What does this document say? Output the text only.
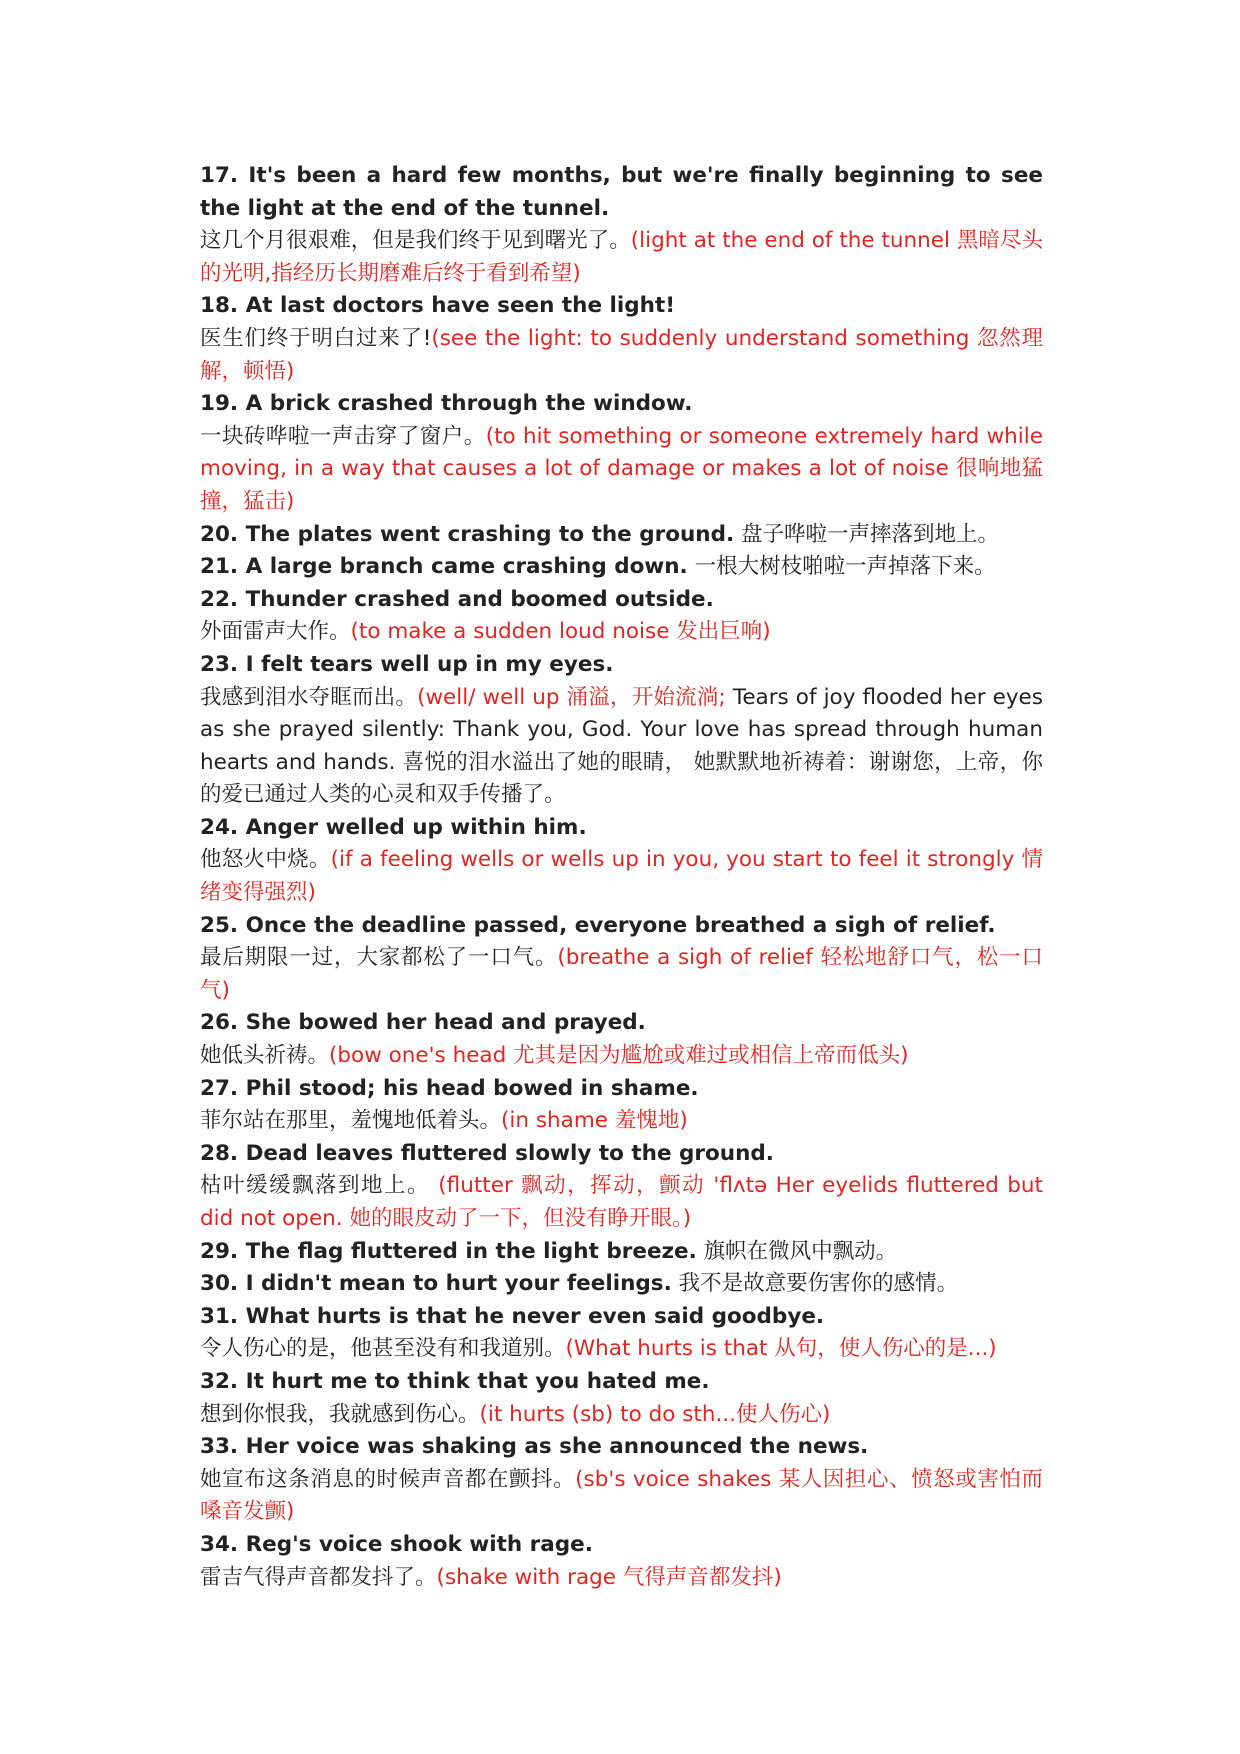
17. It's been a hard few months, but we're finally beginning to see the light at the end of the tunnel.

这几个月很艰难，但是我们终于见到曙光了。(light at the end of the tunnel 黑暗尽头的光明,指经历长期磨难后终于看到希望)

18. At last doctors have seen the light!

医生们终于明白过来了!(see the light: to suddenly understand something 忽然理解，顿悟)

19. A brick crashed through the window.

一块砖哗啦一声击穿了窗户。(to hit something or someone extremely hard while moving, in a way that causes a lot of damage or makes a lot of noise 很响地猛撞，猛击)

20. The plates went crashing to the ground. 盘子哗啦一声摔落到地上。

21. A large branch came crashing down. 一根大树枝啪啦一声掉落下来。

22. Thunder crashed and boomed outside.

外面雷声大作。(to make a sudden loud noise 发出巨响)

23. I felt tears well up in my eyes.

我感到泪水夺眶而出。(well/ well up 涌溢，开始流淌; Tears of joy flooded her eyes as she prayed silently: Thank you, God. Your love has spread through human hearts and hands. 喜悦的泪水溢出了她的眼睛， 她默默地祈祷着：谢谢您，上帝，你的爱已通过人类的心灵和双手传播了。

24. Anger welled up within him.

他怒火中烧。(if a feeling wells or wells up in you, you start to feel it strongly 情绪变得强烈)

25. Once the deadline passed, everyone breathed a sigh of relief.

最后期限一过，大家都松了一口气。(breathe a sigh of relief 轻松地舒口气，松一口气)

26. She bowed her head and prayed.

她低头祈祷。(bow one's head 尤其是因为尴尬或难过或相信上帝而低头)

27. Phil stood; his head bowed in shame.

菲尔站在那里，羞愧地低着头。(in shame 羞愧地)

28. Dead leaves fluttered slowly to the ground.

枯叶缓缓飘落到地上。 (flutter 飘动，挥动，颤动 'flʌtə Her eyelids fluttered but did not open. 她的眼皮动了一下，但没有睁开眼。)

29. The flag fluttered in the light breeze. 旗帜在微风中飘动。

30. I didn't mean to hurt your feelings. 我不是故意要伤害你的感情。

31. What hurts is that he never even said goodbye.

令人伤心的是，他甚至没有和我道别。(What hurts is that 从句，使人伤心的是...)

32. It hurt me to think that you hated me.

想到你恨我，我就感到伤心。(it hurts (sb) to do sth...使人伤心)

33. Her voice was shaking as she announced the news.

她宣布这条消息的时候声音都在颤抖。(sb's voice shakes 某人因担心、愤怒或害怕而嗓音发颤)

34. Reg's voice shook with rage.

雷吉气得声音都发抖了。(shake with rage 气得声音都发抖)
